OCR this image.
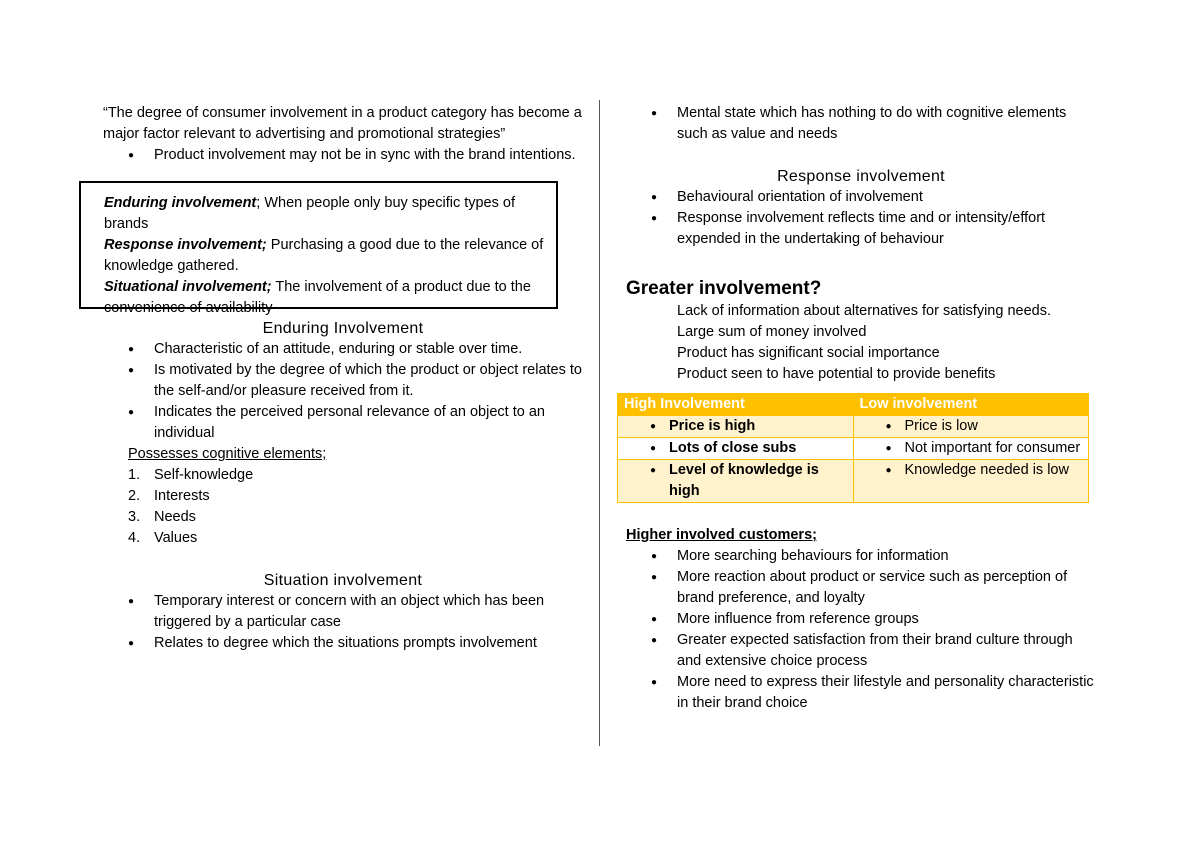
“The degree of consumer involvement in a product category has become a major factor relevant to advertising and promotional strategies”

● Product involvement may not be in sync with the brand intentions.

Enduring involvement; When people only buy specific types of brands

Response involvement; Purchasing a good due to the relevance of knowledge gathered.

Situational involvement; The involvement of a product due to the convenience of availability

Enduring Involvement

● Characteristic of an attitude, enduring or stable over time.
● Is motivated by the degree of which the product or object relates to the self-and/or pleasure received from it.
● Indicates the perceived personal relevance of an object to an individual

Possesses cognitive elements;

1. Self-knowledge
2. Interests
3. Needs
4. Values

Situation involvement

● Temporary interest or concern with an object which has been triggered by a particular case
● Relates to degree which the situations prompts involvement
● Mental state which has nothing to do with cognitive elements such as value and needs

Response involvement

● Behavioural orientation of involvement
● Response involvement reflects time and or intensity/effort expended in the undertaking of behaviour

Greater involvement?

Lack of information about alternatives for satisfying needs.

Large sum of money involved

Product has significant social importance

Product seen to have potential to provide benefits

High Involvement	Low involvement

● Price is high	● Price is low

● Lots of close subs	● Not important for consumer

● Level of knowledge is high	● Knowledge needed is low

Higher involved customers;

● More searching behaviours for information
● More reaction about product or service such as perception of brand preference, and loyalty
● More influence from reference groups
● Greater expected satisfaction from their brand culture through and extensive choice process
● More need to express their lifestyle and personality characteristic in their brand choice
